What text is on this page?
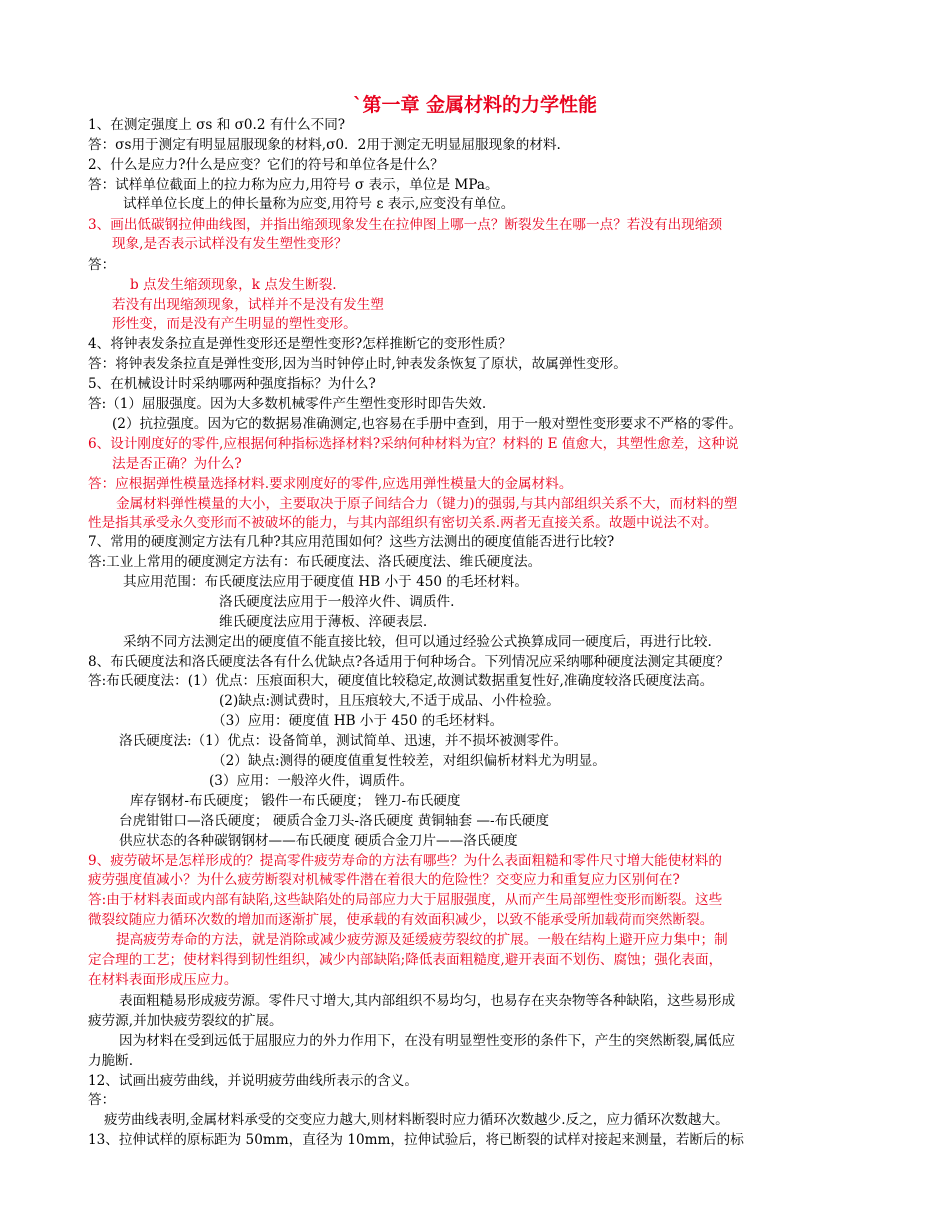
`第一章 金属材料的力学性能
1、在测定强度上 σs 和 σ0.2 有什么不同?
答：σs用于测定有明显屈服现象的材料,σ0．2用于测定无明显屈服现象的材料.
2、什么是应力?什么是应变？它们的符号和单位各是什么？
答：试样单位截面上的拉力称为应力,用符号 σ 表示，单位是 MPa。
试样单位长度上的伸长量称为应变,用符号 ε 表示,应变没有单位。
3、画出低碳钢拉伸曲线图，并指出缩颈现象发生在拉伸图上哪一点？断裂发生在哪一点？若没有出现缩颈
现象,是否表示试样没有发生塑性变形？
答：
b 点发生缩颈现象，k 点发生断裂.
若没有出现缩颈现象，试样并不是没有发生塑
形性变，而是没有产生明显的塑性变形。
4、将钟表发条拉直是弹性变形还是塑性变形?怎样推断它的变形性质？
答：将钟表发条拉直是弹性变形,因为当时钟停止时,钟表发条恢复了原状，故属弹性变形。
5、在机械设计时采纳哪两种强度指标？为什么?
答:（1）屈服强度。因为大多数机械零件产生塑性变形时即告失效.
(2）抗拉强度。因为它的数据易准确测定,也容易在手册中查到，用于一般对塑性变形要求不严格的零件。
6、设计刚度好的零件,应根据何种指标选择材料?采纳何种材料为宜？材料的 E 值愈大，其塑性愈差，这种说
法是否正确？为什么?
答：应根据弹性模量选择材料.要求刚度好的零件,应选用弹性模量大的金属材料。
金属材料弹性模量的大小，主要取决于原子间结合力（键力)的强弱,与其内部组织关系不大，而材料的塑
性是指其承受永久变形而不被破坏的能力，与其内部组织有密切关系.两者无直接关系。故题中说法不对。
7、常用的硬度测定方法有几种?其应用范围如何？这些方法测出的硬度值能否进行比较?
答:工业上常用的硬度测定方法有：布氏硬度法、洛氏硬度法、维氏硬度法。
其应用范围：布氏硬度法应用于硬度值 HB 小于 450 的毛坯材料。
洛氏硬度法应用于一般淬火件、调质件.
维氏硬度法应用于薄板、淬硬表层.
采纳不同方法测定出的硬度值不能直接比较，但可以通过经验公式换算成同一硬度后，再进行比较.
8、布氏硬度法和洛氏硬度法各有什么优缺点?各适用于何种场合。下列情况应采纳哪种硬度法测定其硬度？
答:布氏硬度法：(1）优点：压痕面积大，硬度值比较稳定,故测试数据重复性好,准确度较洛氏硬度法高。
(2)缺点:测试费时，且压痕较大,不适于成品、小件检验。
（3）应用：硬度值 HB 小于 450 的毛坯材料。
洛氏硬度法:（1）优点：设备简单，测试简单、迅速，并不损坏被测零件。
（2）缺点:测得的硬度值重复性较差，对组织偏析材料尤为明显。
(3）应用：一般淬火件，调质件。
库存钢材-布氏硬度； 锻件一布氏硬度； 锉刀-布氏硬度
台虎钳钳口—洛氏硬度； 硬质合金刀头-洛氏硬度 黄铜轴套 —-布氏硬度
供应状态的各种碳钢钢材——布氏硬度 硬质合金刀片——洛氏硬度
9、疲劳破坏是怎样形成的？提高零件疲劳寿命的方法有哪些？为什么表面粗糙和零件尺寸增大能使材料的
疲劳强度值减小？为什么疲劳断裂对机械零件潜在着很大的危险性？交变应力和重复应力区别何在?
答:由于材料表面或内部有缺陷,这些缺陷处的局部应力大于屈服强度，从而产生局部塑性变形而断裂。这些
微裂纹随应力循环次数的增加而逐渐扩展，使承载的有效面积减少，以致不能承受所加载荷而突然断裂。
提高疲劳寿命的方法，就是消除或减少疲劳源及延缓疲劳裂纹的扩展。一般在结构上避开应力集中；制
定合理的工艺；使材料得到韧性组织，减少内部缺陷;降低表面粗糙度,避开表面不划伤、腐蚀；强化表面，
在材料表面形成压应力。
表面粗糙易形成疲劳源。零件尺寸增大,其内部组织不易均匀，也易存在夹杂物等各种缺陷，这些易形成
疲劳源,并加快疲劳裂纹的扩展。
因为材料在受到远低于屈服应力的外力作用下，在没有明显塑性变形的条件下，产生的突然断裂,属低应
力脆断.
12、试画出疲劳曲线，并说明疲劳曲线所表示的含义。
答：
疲劳曲线表明,金属材料承受的交变应力越大,则材料断裂时应力循环次数越少.反之，应力循环次数越大。
13、拉伸试样的原标距为 50mm，直径为 10mm，拉伸试验后，将已断裂的试样对接起来测量，若断后的标
